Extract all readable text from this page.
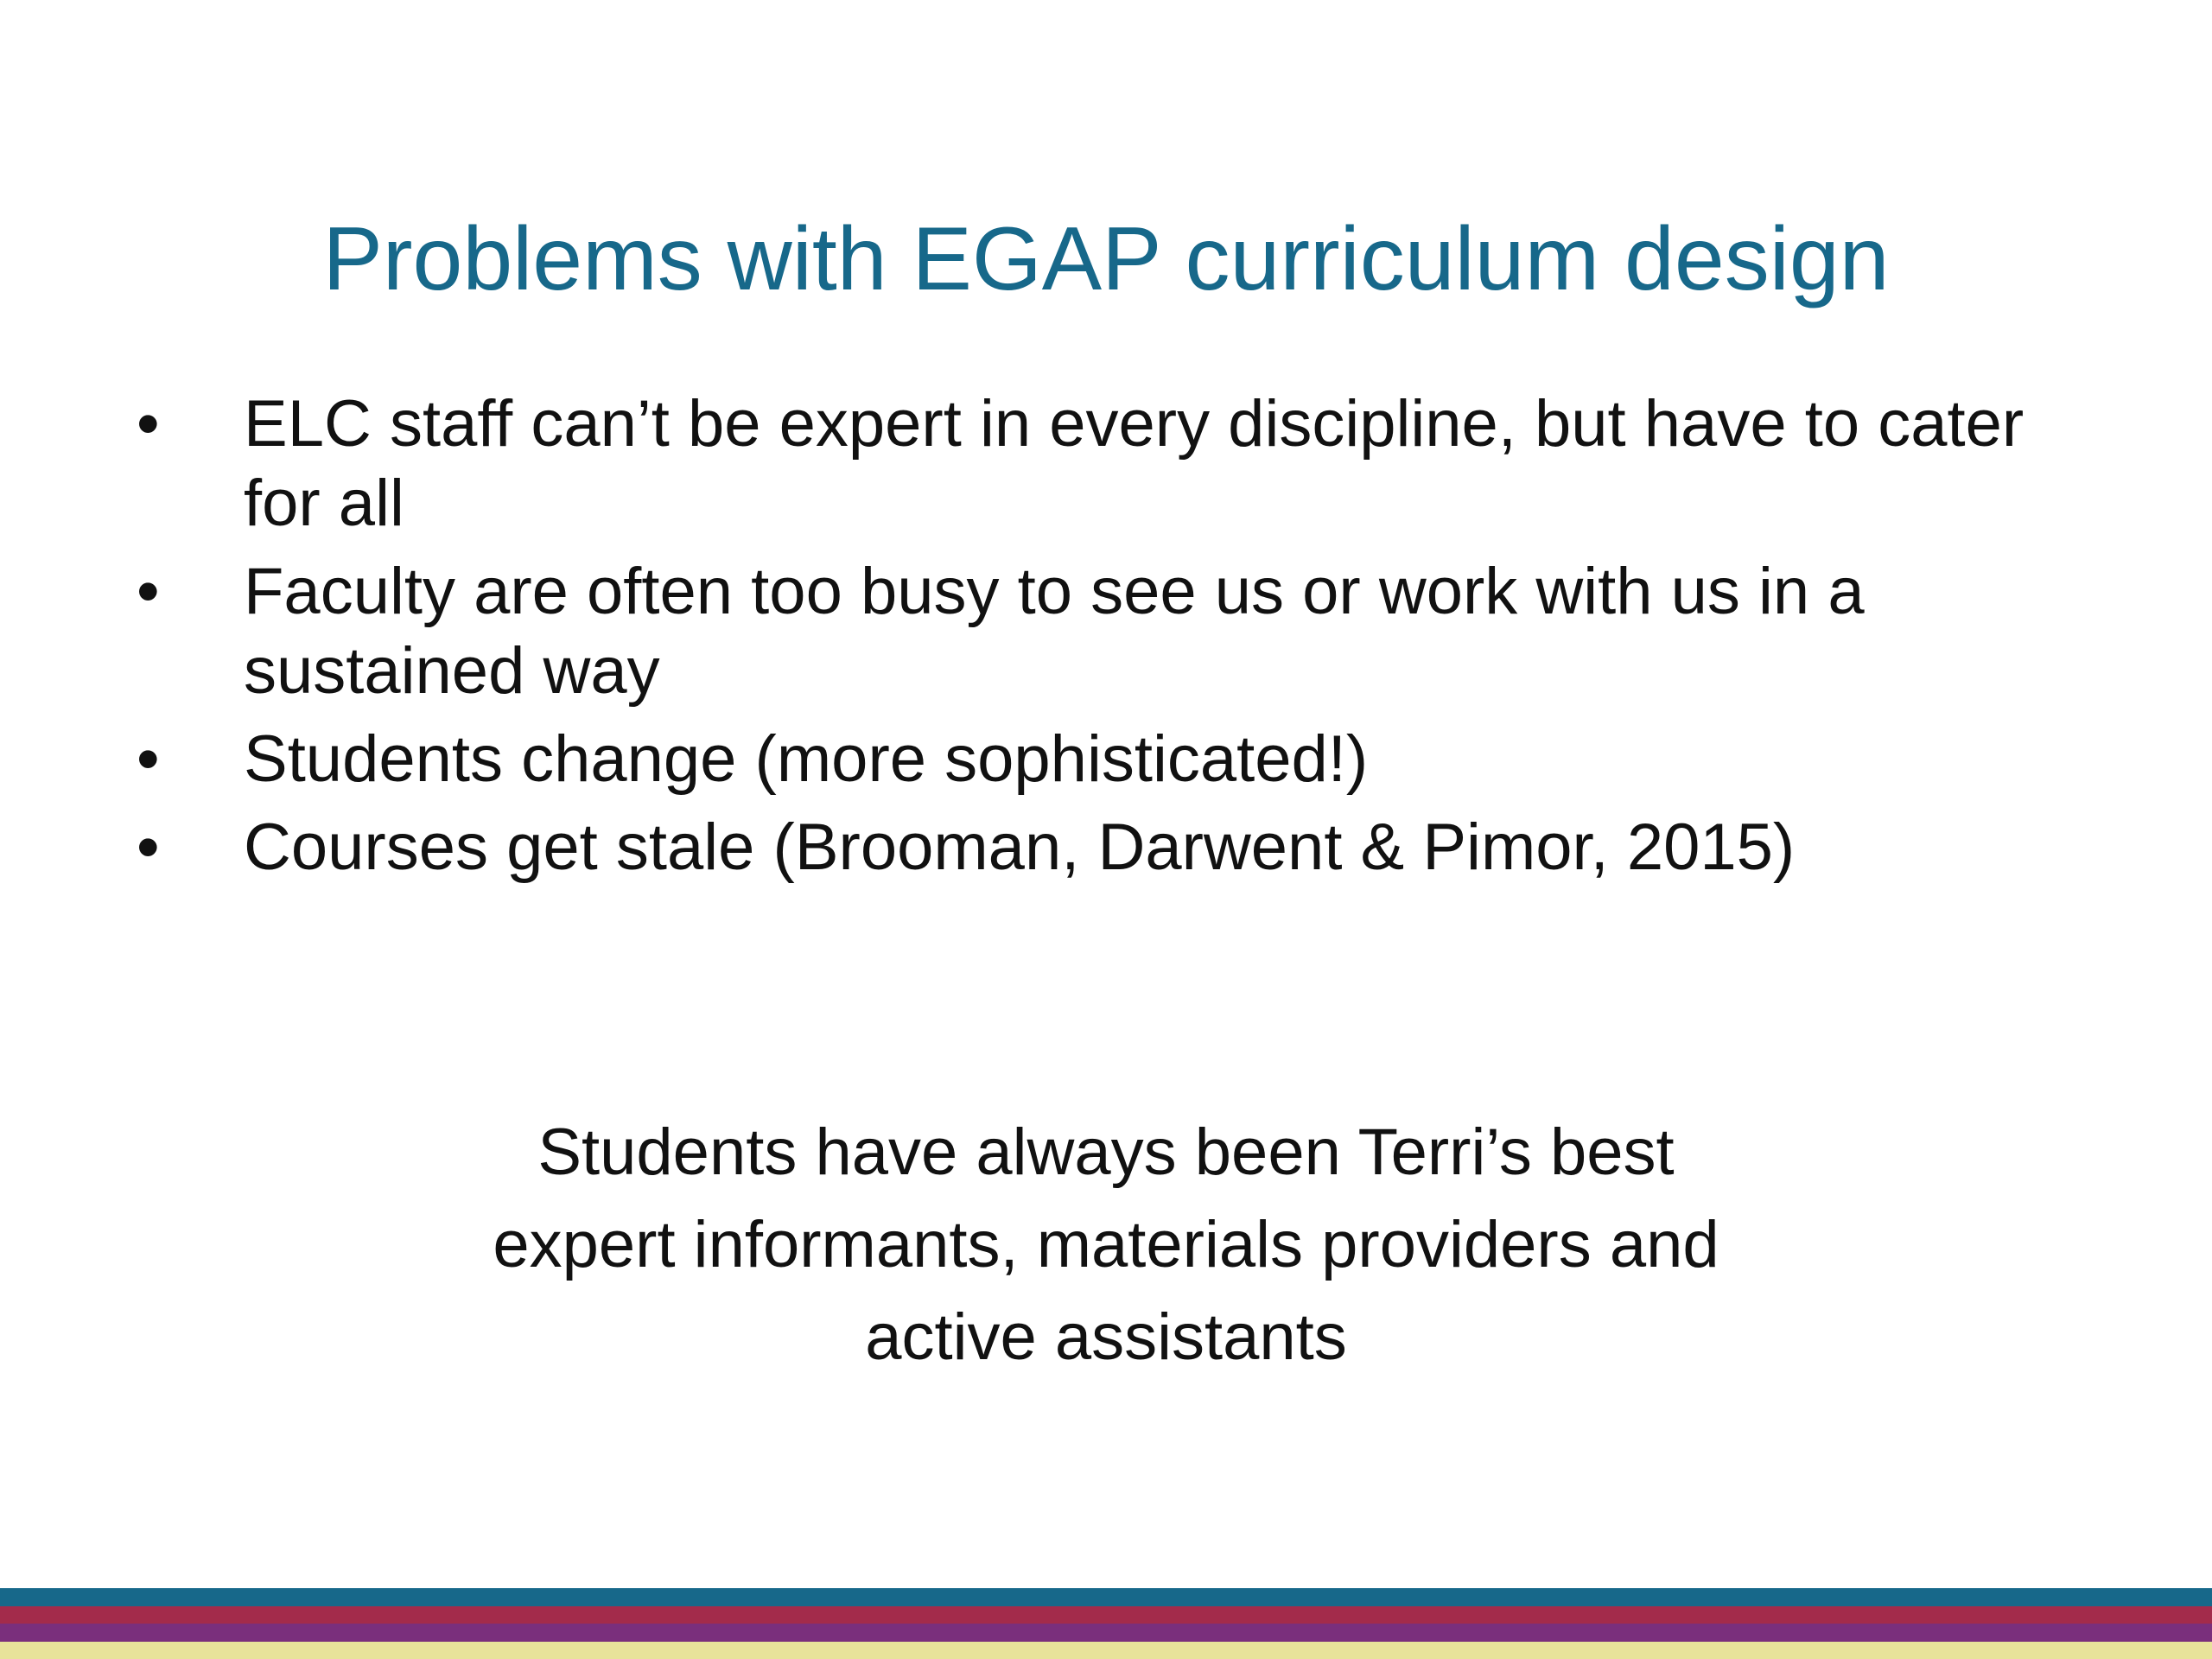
Problems with EGAP curriculum design
• ELC staff can’t be expert in every discipline, but have to cater for all
• Faculty are often too busy to see us or work with us in a sustained way
• Students change (more sophisticated!)
• Courses get stale (Brooman, Darwent & Pimor, 2015)
Students have always been Terri’s best
expert informants, materials providers and
active assistants
